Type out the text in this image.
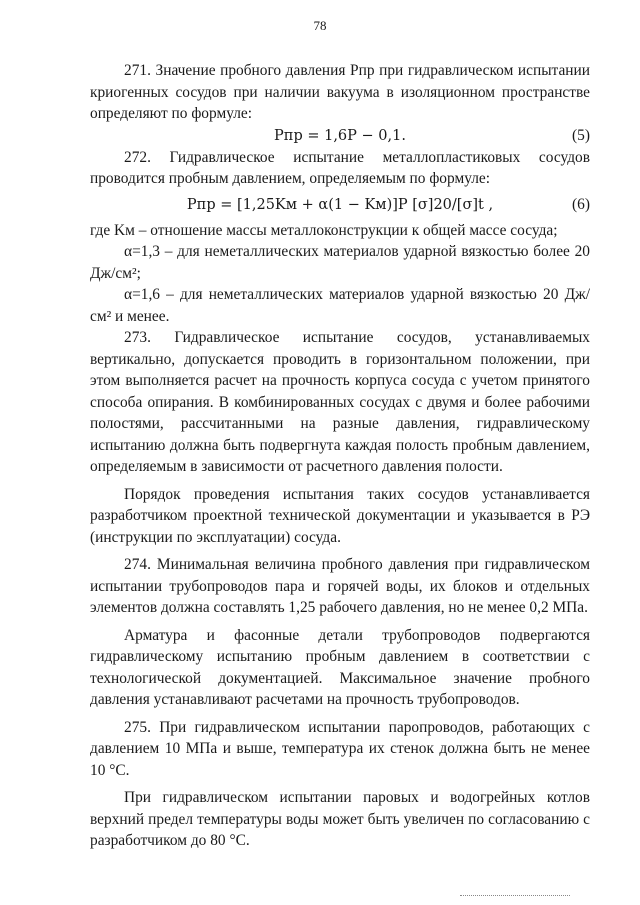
78

271. Значение пробного давления Pпр при гидравлическом испытании криогенных сосудов при наличии вакуума в изоляционном пространстве определяют по формуле:

Pпр = 1,6P − 0,1.	(5)

272. Гидравлическое испытание металлопластиковых сосудов проводится пробным давлением, определяемым по формуле:

Pпр = [1,25Kм + α(1 − Kм)]P [σ]20/[σ]t ,	(6)

где Kм – отношение массы металлоконструкции к общей массе сосуда;

α=1,3 – для неметаллических материалов ударной вязкостью более 20 Дж/см²;

α=1,6 – для неметаллических материалов ударной вязкостью 20 Дж/см² и менее.

273. Гидравлическое испытание сосудов, устанавливаемых вертикально, допускается проводить в горизонтальном положении, при этом выполняется расчет на прочность корпуса сосуда с учетом принятого способа опирания. В комбинированных сосудах с двумя и более рабочими полостями, рассчитанными на разные давления, гидравлическому испытанию должна быть подвергнута каждая полость пробным давлением, определяемым в зависимости от расчетного давления полости.

Порядок проведения испытания таких сосудов устанавливается разработчиком проектной технической документации и указывается в РЭ (инструкции по эксплуатации) сосуда.

274. Минимальная величина пробного давления при гидравлическом испытании трубопроводов пара и горячей воды, их блоков и отдельных элементов должна составлять 1,25 рабочего давления, но не менее 0,2 МПа.

Арматура и фасонные детали трубопроводов подвергаются гидравлическому испытанию пробным давлением в соответствии с технологической документацией. Максимальное значение пробного давления устанавливают расчетами на прочность трубопроводов.

275. При гидравлическом испытании паропроводов, работающих с давлением 10 МПа и выше, температура их стенок должна быть не менее 10 °С.

При гидравлическом испытании паровых и водогрейных котлов верхний предел температуры воды может быть увеличен по согласованию с разработчиком до 80 °С.
